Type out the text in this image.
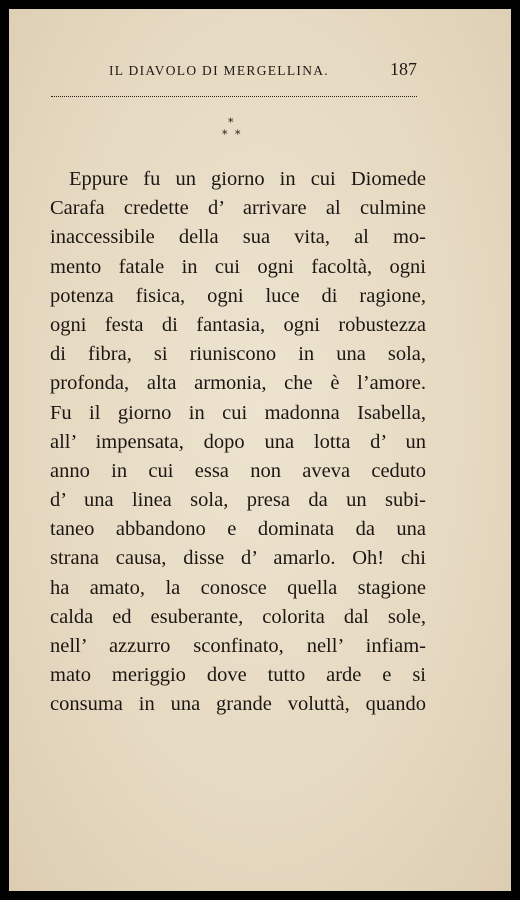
IL DIAVOLO DI MERGELLINA.	187
*
* *
Eppure fu un giorno in cui Diomede
Carafa credette d’ arrivare al culmine
inaccessibile della sua vita, al mo-
mento fatale in cui ogni facoltà, ogni
potenza fisica, ogni luce di ragione,
ogni festa di fantasia, ogni robustezza
di fibra, si riuniscono in una sola,
profonda, alta armonia, che è l’amore.
Fu il giorno in cui madonna Isabella,
all’ impensata, dopo una lotta d’ un
anno in cui essa non aveva ceduto
d’ una linea sola, presa da un subi-
taneo abbandono e dominata da una
strana causa, disse d’ amarlo. Oh! chi
ha amato, la conosce quella stagione
calda ed esuberante, colorita dal sole,
nell’ azzurro sconfinato, nell’ infiam-
mato meriggio dove tutto arde e si
consuma in una grande voluttà, quando
